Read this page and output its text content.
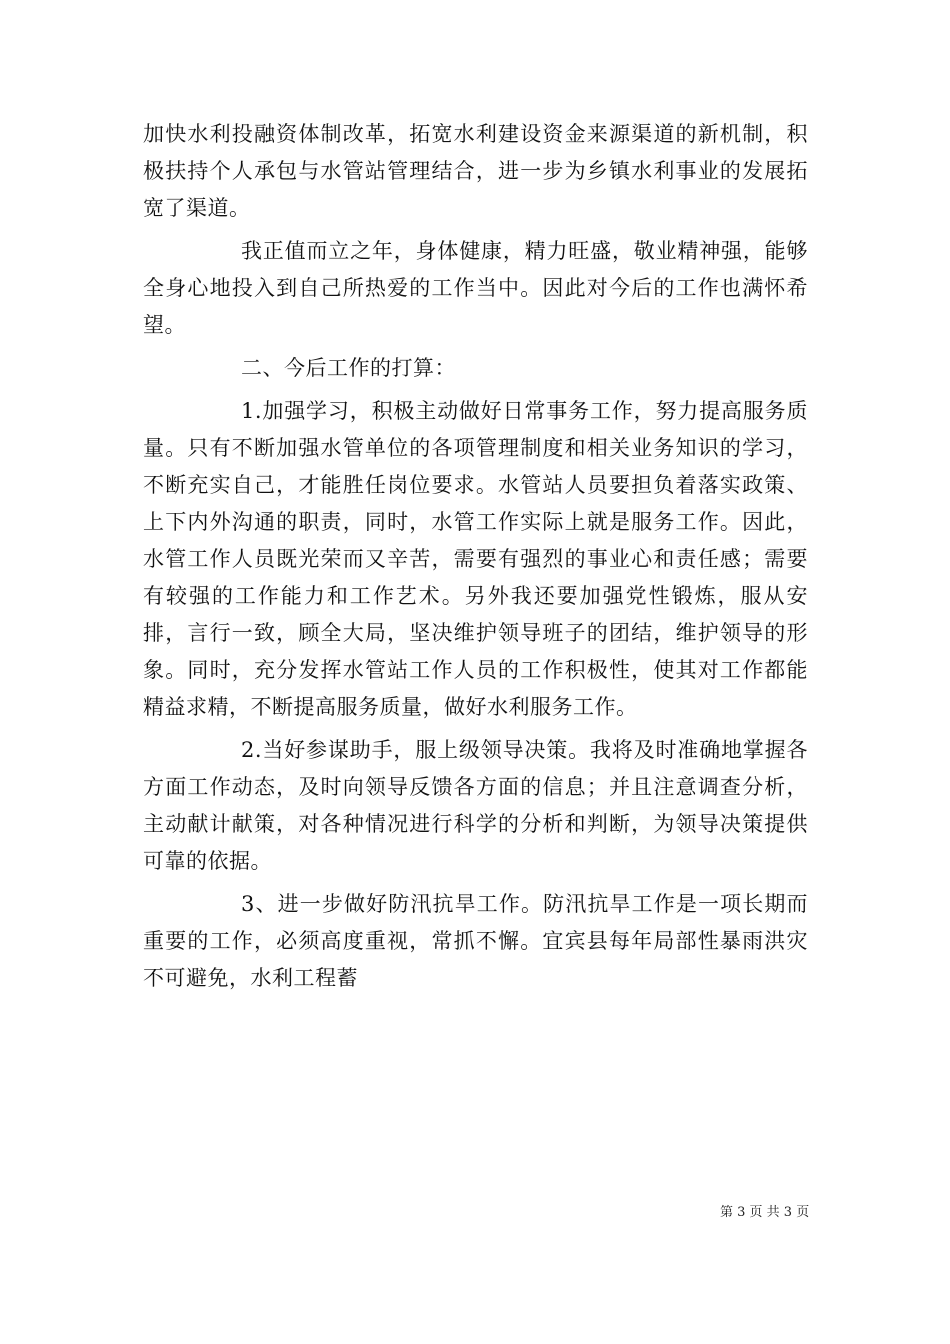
加快水利投融资体制改革，拓宽水利建设资金来源渠道的新机制，积极扶持个人承包与水管站管理结合，进一步为乡镇水利事业的发展拓宽了渠道。

我正值而立之年，身体健康，精力旺盛，敬业精神强，能够全身心地投入到自己所热爱的工作当中。因此对今后的工作也满怀希望。

二、今后工作的打算：

1.加强学习，积极主动做好日常事务工作，努力提高服务质量。只有不断加强水管单位的各项管理制度和相关业务知识的学习，不断充实自己，才能胜任岗位要求。水管站人员要担负着落实政策、上下内外沟通的职责，同时，水管工作实际上就是服务工作。因此，水管工作人员既光荣而又辛苦，需要有强烈的事业心和责任感；需要有较强的工作能力和工作艺术。另外我还要加强党性锻炼，服从安排，言行一致，顾全大局，坚决维护领导班子的团结，维护领导的形象。同时，充分发挥水管站工作人员的工作积极性，使其对工作都能精益求精，不断提高服务质量，做好水利服务工作。

2.当好参谋助手，服上级领导决策。我将及时准确地掌握各方面工作动态，及时向领导反馈各方面的信息；并且注意调查分析，主动献计献策，对各种情况进行科学的分析和判断，为领导决策提供可靠的依据。

3、进一步做好防汛抗旱工作。防汛抗旱工作是一项长期而重要的工作，必须高度重视，常抓不懈。宜宾县每年局部性暴雨洪灾不可避免，水利工程蓄

第 3 页 共 3 页
